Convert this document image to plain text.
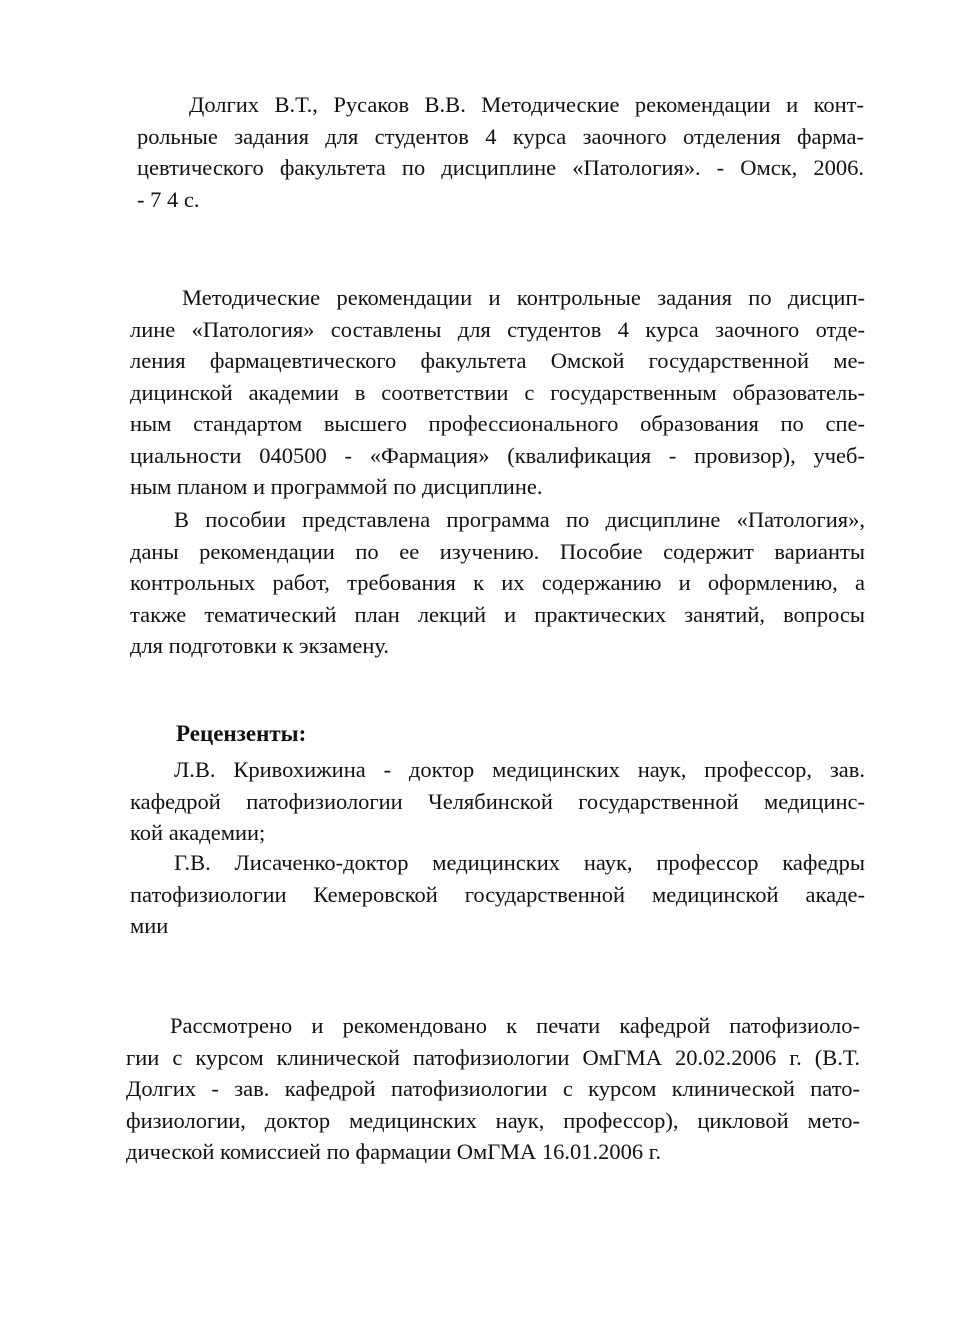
Долгих В.Т., Русаков В.В. Методические рекомендации и конт-
рольные задания для студентов 4 курса заочного отделения фарма-
цевтического факультета по дисциплине «Патология». - Омск, 2006.
- 7 4 с.
Методические рекомендации и контрольные задания по дисцип-
лине «Патология» составлены для студентов 4 курса заочного отде-
ления фармацевтического факультета Омской государственной ме-
дицинской академии в соответствии с государственным образователь-
ным стандартом высшего профессионального образования по спе-
циальности 040500 - «Фармация» (квалификация - провизор), учеб-
ным планом и программой по дисциплине.
В пособии представлена программа по дисциплине «Патология»,
даны рекомендации по ее изучению. Пособие содержит варианты
контрольных работ, требования к их содержанию и оформлению, а
также тематический план лекций и практических занятий, вопросы
для подготовки к экзамену.
Рецензенты:
Л.В. Кривохижина - доктор медицинских наук, профессор, зав.
кафедрой патофизиологии Челябинской государственной медицинс-
кой академии;
Г.В. Лисаченко-доктор медицинских наук, профессор кафедры
патофизиологии Кемеровской государственной медицинской акаде-
мии
Рассмотрено и рекомендовано к печати кафедрой патофизиоло-
гии с курсом клинической патофизиологии ОмГМА 20.02.2006 г. (В.Т.
Долгих - зав. кафедрой патофизиологии с курсом клинической пато-
физиологии, доктор медицинских наук, профессор), цикловой мето-
дической комиссией по фармации ОмГМА 16.01.2006 г.
